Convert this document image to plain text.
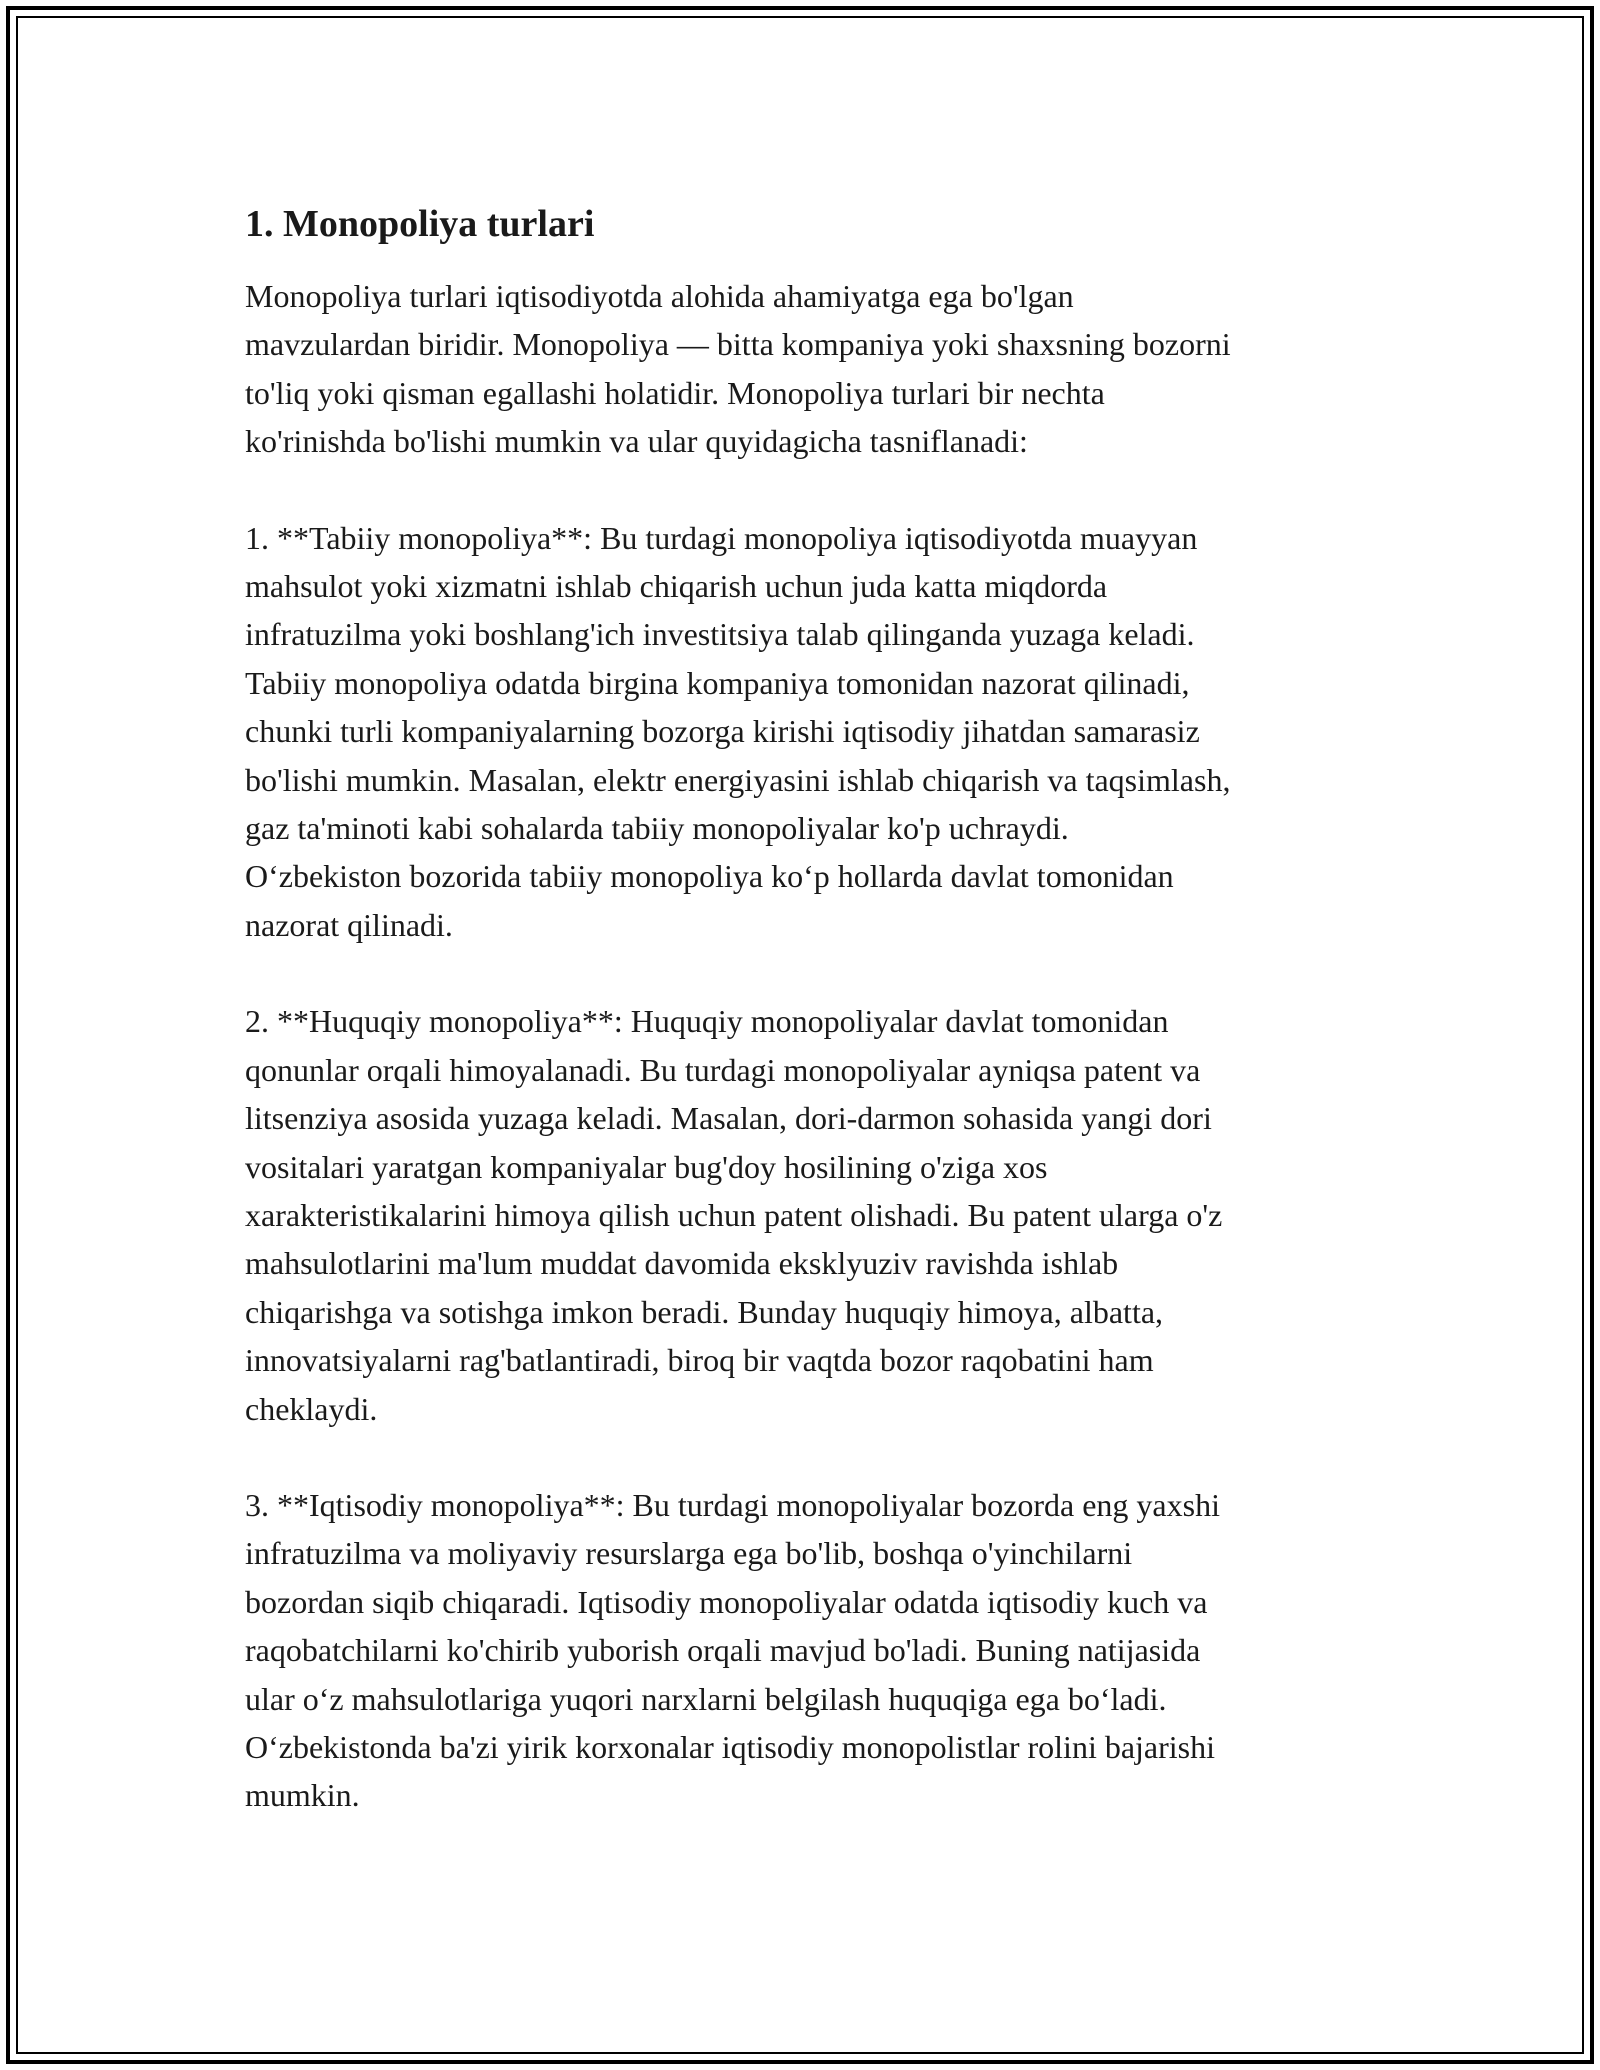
1. Monopoliya turlari

Monopoliya turlari iqtisodiyotda alohida ahamiyatga ega bo'lgan
mavzulardan biridir. Monopoliya — bitta kompaniya yoki shaxsning bozorni
to'liq yoki qisman egallashi holatidir. Monopoliya turlari bir nechta
ko'rinishda bo'lishi mumkin va ular quyidagicha tasniflanadi:

1. **Tabiiy monopoliya**: Bu turdagi monopoliya iqtisodiyotda muayyan
mahsulot yoki xizmatni ishlab chiqarish uchun juda katta miqdorda
infratuzilma yoki boshlang'ich investitsiya talab qilinganda yuzaga keladi.
Tabiiy monopoliya odatda birgina kompaniya tomonidan nazorat qilinadi,
chunki turli kompaniyalarning bozorga kirishi iqtisodiy jihatdan samarasiz
bo'lishi mumkin. Masalan, elektr energiyasini ishlab chiqarish va taqsimlash,
gaz ta'minoti kabi sohalarda tabiiy monopoliyalar ko'p uchraydi.
O‘zbekiston bozorida tabiiy monopoliya ko‘p hollarda davlat tomonidan
nazorat qilinadi.

2. **Huquqiy monopoliya**: Huquqiy monopoliyalar davlat tomonidan
qonunlar orqali himoyalanadi. Bu turdagi monopoliyalar ayniqsa patent va
litsenziya asosida yuzaga keladi. Masalan, dori-darmon sohasida yangi dori
vositalari yaratgan kompaniyalar bug'doy hosilining o'ziga xos
xarakteristikalarini himoya qilish uchun patent olishadi. Bu patent ularga o'z
mahsulotlarini ma'lum muddat davomida eksklyuziv ravishda ishlab
chiqarishga va sotishga imkon beradi. Bunday huquqiy himoya, albatta,
innovatsiyalarni rag'batlantiradi, biroq bir vaqtda bozor raqobatini ham
cheklaydi.

3. **Iqtisodiy monopoliya**: Bu turdagi monopoliyalar bozorda eng yaxshi
infratuzilma va moliyaviy resurslarga ega bo'lib, boshqa o'yinchilarni
bozordan siqib chiqaradi. Iqtisodiy monopoliyalar odatda iqtisodiy kuch va
raqobatchilarni ko'chirib yuborish orqali mavjud bo'ladi. Buning natijasida
ular o‘z mahsulotlariga yuqori narxlarni belgilash huquqiga ega bo‘ladi.
O‘zbekistonda ba'zi yirik korxonalar iqtisodiy monopolistlar rolini bajarishi
mumkin.
